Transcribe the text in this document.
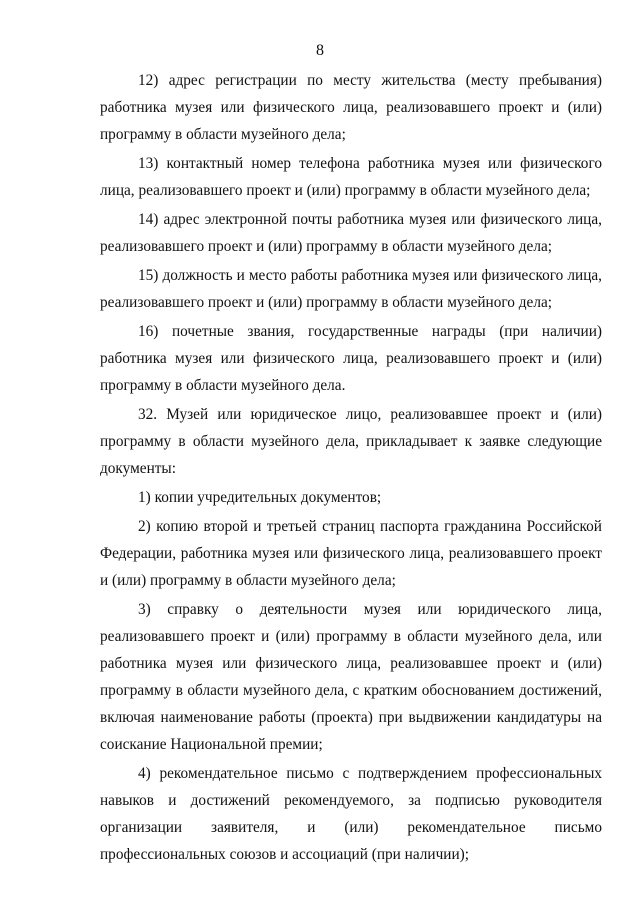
8

12) адрес регистрации по месту жительства (месту пребывания) работника музея или физического лица, реализовавшего проект и (или) программу в области музейного дела;

13) контактный номер телефона работника музея или физического лица, реализовавшего проект и (или) программу в области музейного дела;

14) адрес электронной почты работника музея или физического лица, реализовавшего проект и (или) программу в области музейного дела;

15) должность и место работы работника музея или физического лица, реализовавшего проект и (или) программу в области музейного дела;

16) почетные звания, государственные награды (при наличии) работника музея или физического лица, реализовавшего проект и (или) программу в области музейного дела.

32. Музей или юридическое лицо, реализовавшее проект и (или) программу в области музейного дела, прикладывает к заявке следующие документы:

1) копии учредительных документов;

2) копию второй и третьей страниц паспорта гражданина Российской Федерации, работника музея или физического лица, реализовавшего проект и (или) программу в области музейного дела;

3) справку о деятельности музея или юридического лица, реализовавшего проект и (или) программу в области музейного дела, или работника музея или физического лица, реализовавшее проект и (или) программу в области музейного дела, с кратким обоснованием достижений, включая наименование работы (проекта) при выдвижении кандидатуры на соискание Национальной премии;

4) рекомендательное письмо с подтверждением профессиональных навыков и достижений рекомендуемого, за подписью руководителя организации заявителя, и (или) рекомендательное письмо профессиональных союзов и ассоциаций (при наличии);
